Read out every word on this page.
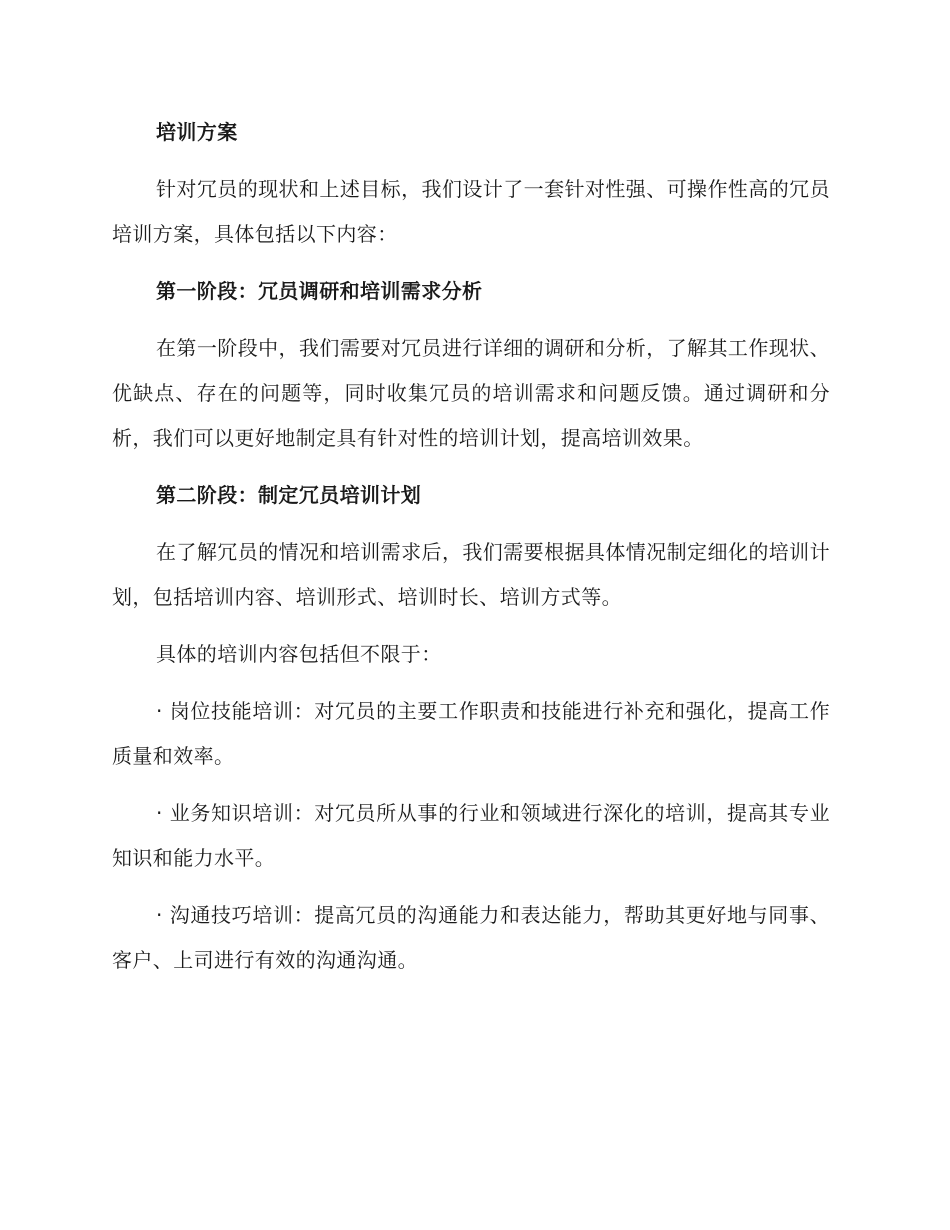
培训方案

针对冗员的现状和上述目标，我们设计了一套针对性强、可操作性高的冗员培训方案，具体包括以下内容：

第一阶段：冗员调研和培训需求分析

在第一阶段中，我们需要对冗员进行详细的调研和分析，了解其工作现状、优缺点、存在的问题等，同时收集冗员的培训需求和问题反馈。通过调研和分析，我们可以更好地制定具有针对性的培训计划，提高培训效果。

第二阶段：制定冗员培训计划

在了解冗员的情况和培训需求后，我们需要根据具体情况制定细化的培训计划，包括培训内容、培训形式、培训时长、培训方式等。

具体的培训内容包括但不限于：

· 岗位技能培训：对冗员的主要工作职责和技能进行补充和强化，提高工作质量和效率。

· 业务知识培训：对冗员所从事的行业和领域进行深化的培训，提高其专业知识和能力水平。

· 沟通技巧培训：提高冗员的沟通能力和表达能力，帮助其更好地与同事、客户、上司进行有效的沟通沟通。
